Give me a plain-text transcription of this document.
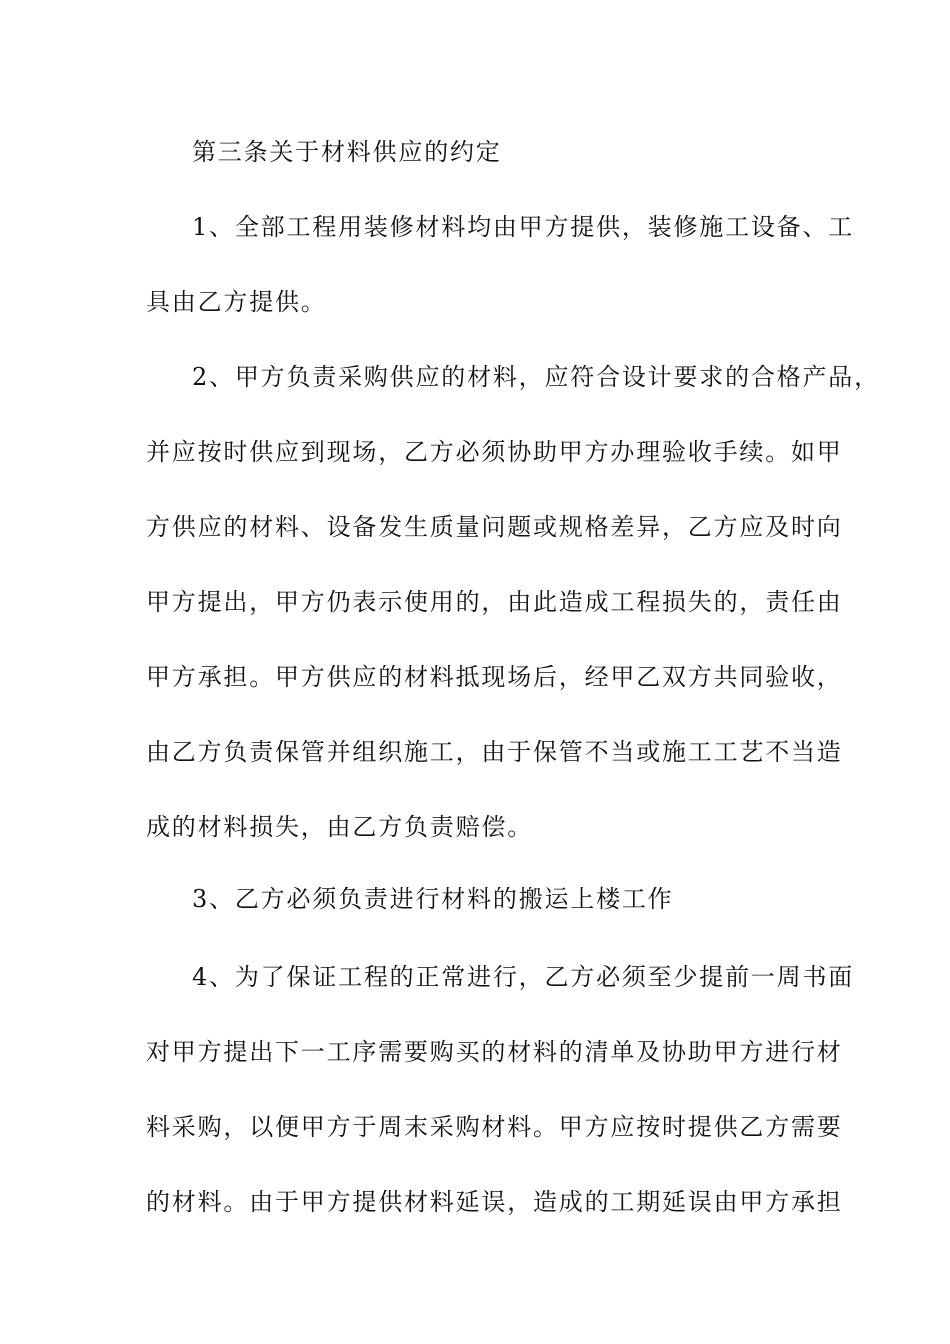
第三条关于材料供应的约定

1、全部工程用装修材料均由甲方提供，装修施工设备、工

具由乙方提供。

2、甲方负责采购供应的材料，应符合设计要求的合格产品，

并应按时供应到现场，乙方必须协助甲方办理验收手续。如甲

方供应的材料、设备发生质量问题或规格差异，乙方应及时向

甲方提出，甲方仍表示使用的，由此造成工程损失的，责任由

甲方承担。甲方供应的材料抵现场后，经甲乙双方共同验收，

由乙方负责保管并组织施工，由于保管不当或施工工艺不当造

成的材料损失，由乙方负责赔偿。

3、乙方必须负责进行材料的搬运上楼工作

4、为了保证工程的正常进行，乙方必须至少提前一周书面

对甲方提出下一工序需要购买的材料的清单及协助甲方进行材

料采购，以便甲方于周末采购材料。甲方应按时提供乙方需要

的材料。由于甲方提供材料延误，造成的工期延误由甲方承担
